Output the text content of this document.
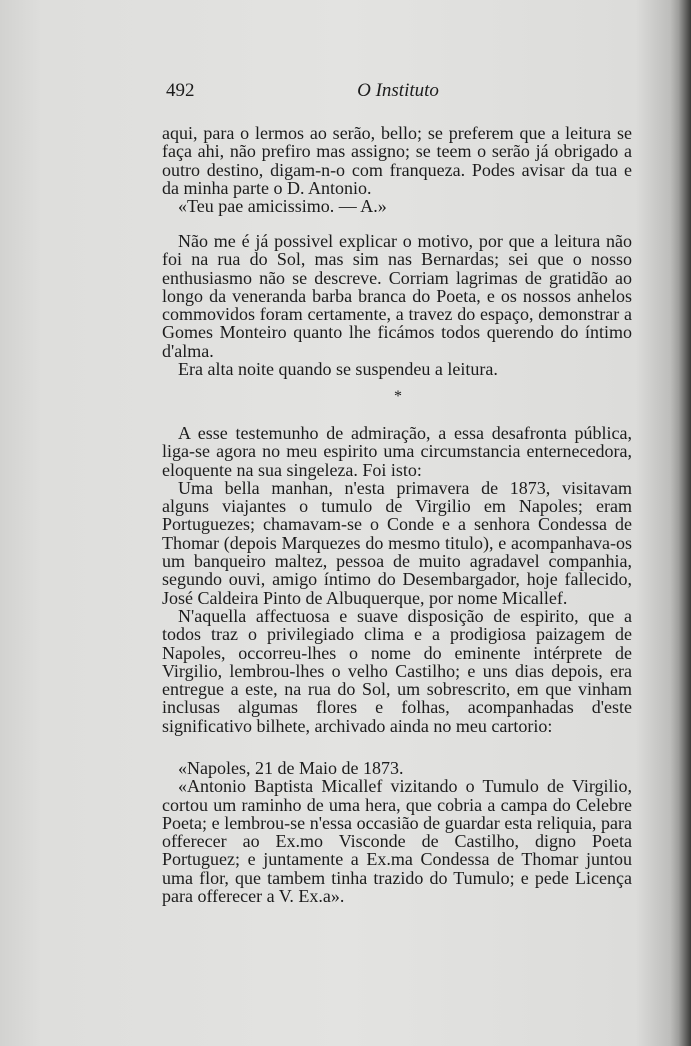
492	O Instituto

aqui, para o lermos ao serão, bello; se preferem que a leitura se faça ahi, não prefiro mas assigno; se teem o serão já obrigado a outro destino, digam-n-o com franqueza. Podes avisar da tua e da minha parte o D. Antonio.

«Teu pae amicissimo. — A.»

Não me é já possivel explicar o motivo, por que a leitura não foi na rua do Sol, mas sim nas Bernardas; sei que o nosso enthusiasmo não se descreve. Corriam lagrimas de gratidão ao longo da veneranda barba branca do Poeta, e os nossos anhelos commovidos foram certamente, a travez do espaço, demonstrar a Gomes Monteiro quanto lhe ficámos todos querendo do íntimo d'alma.

Era alta noite quando se suspendeu a leitura.

*

A esse testemunho de admiração, a essa desafronta pública, liga-se agora no meu espirito uma circumstancia enternecedora, eloquente na sua singeleza. Foi isto:

Uma bella manhan, n'esta primavera de 1873, visitavam alguns viajantes o tumulo de Virgilio em Napoles; eram Portuguezes; chamavam-se o Conde e a senhora Condessa de Thomar (depois Marquezes do mesmo titulo), e acompanhava-os um banqueiro maltez, pessoa de muito agradavel companhia, segundo ouvi, amigo íntimo do Desembargador, hoje fallecido, José Caldeira Pinto de Albuquerque, por nome Micallef.

N'aquella affectuosa e suave disposição de espirito, que a todos traz o privilegiado clima e a prodigiosa paizagem de Napoles, occorreu-lhes o nome do eminente intérprete de Virgilio, lembrou-lhes o velho Castilho; e uns dias depois, era entregue a este, na rua do Sol, um sobrescrito, em que vinham inclusas algumas flores e folhas, acompanhadas d'este significativo bilhete, archivado ainda no meu cartorio:

«Napoles, 21 de Maio de 1873.

«Antonio Baptista Micallef vizitando o Tumulo de Virgilio, cortou um raminho de uma hera, que cobria a campa do Celebre Poeta; e lembrou-se n'essa occasião de guardar esta reliquia, para offerecer ao Ex.mo Visconde de Castilho, digno Poeta Portuguez; e juntamente a Ex.ma Condessa de Thomar juntou uma flor, que tambem tinha trazido do Tumulo; e pede Licença para offerecer a V. Ex.a».
